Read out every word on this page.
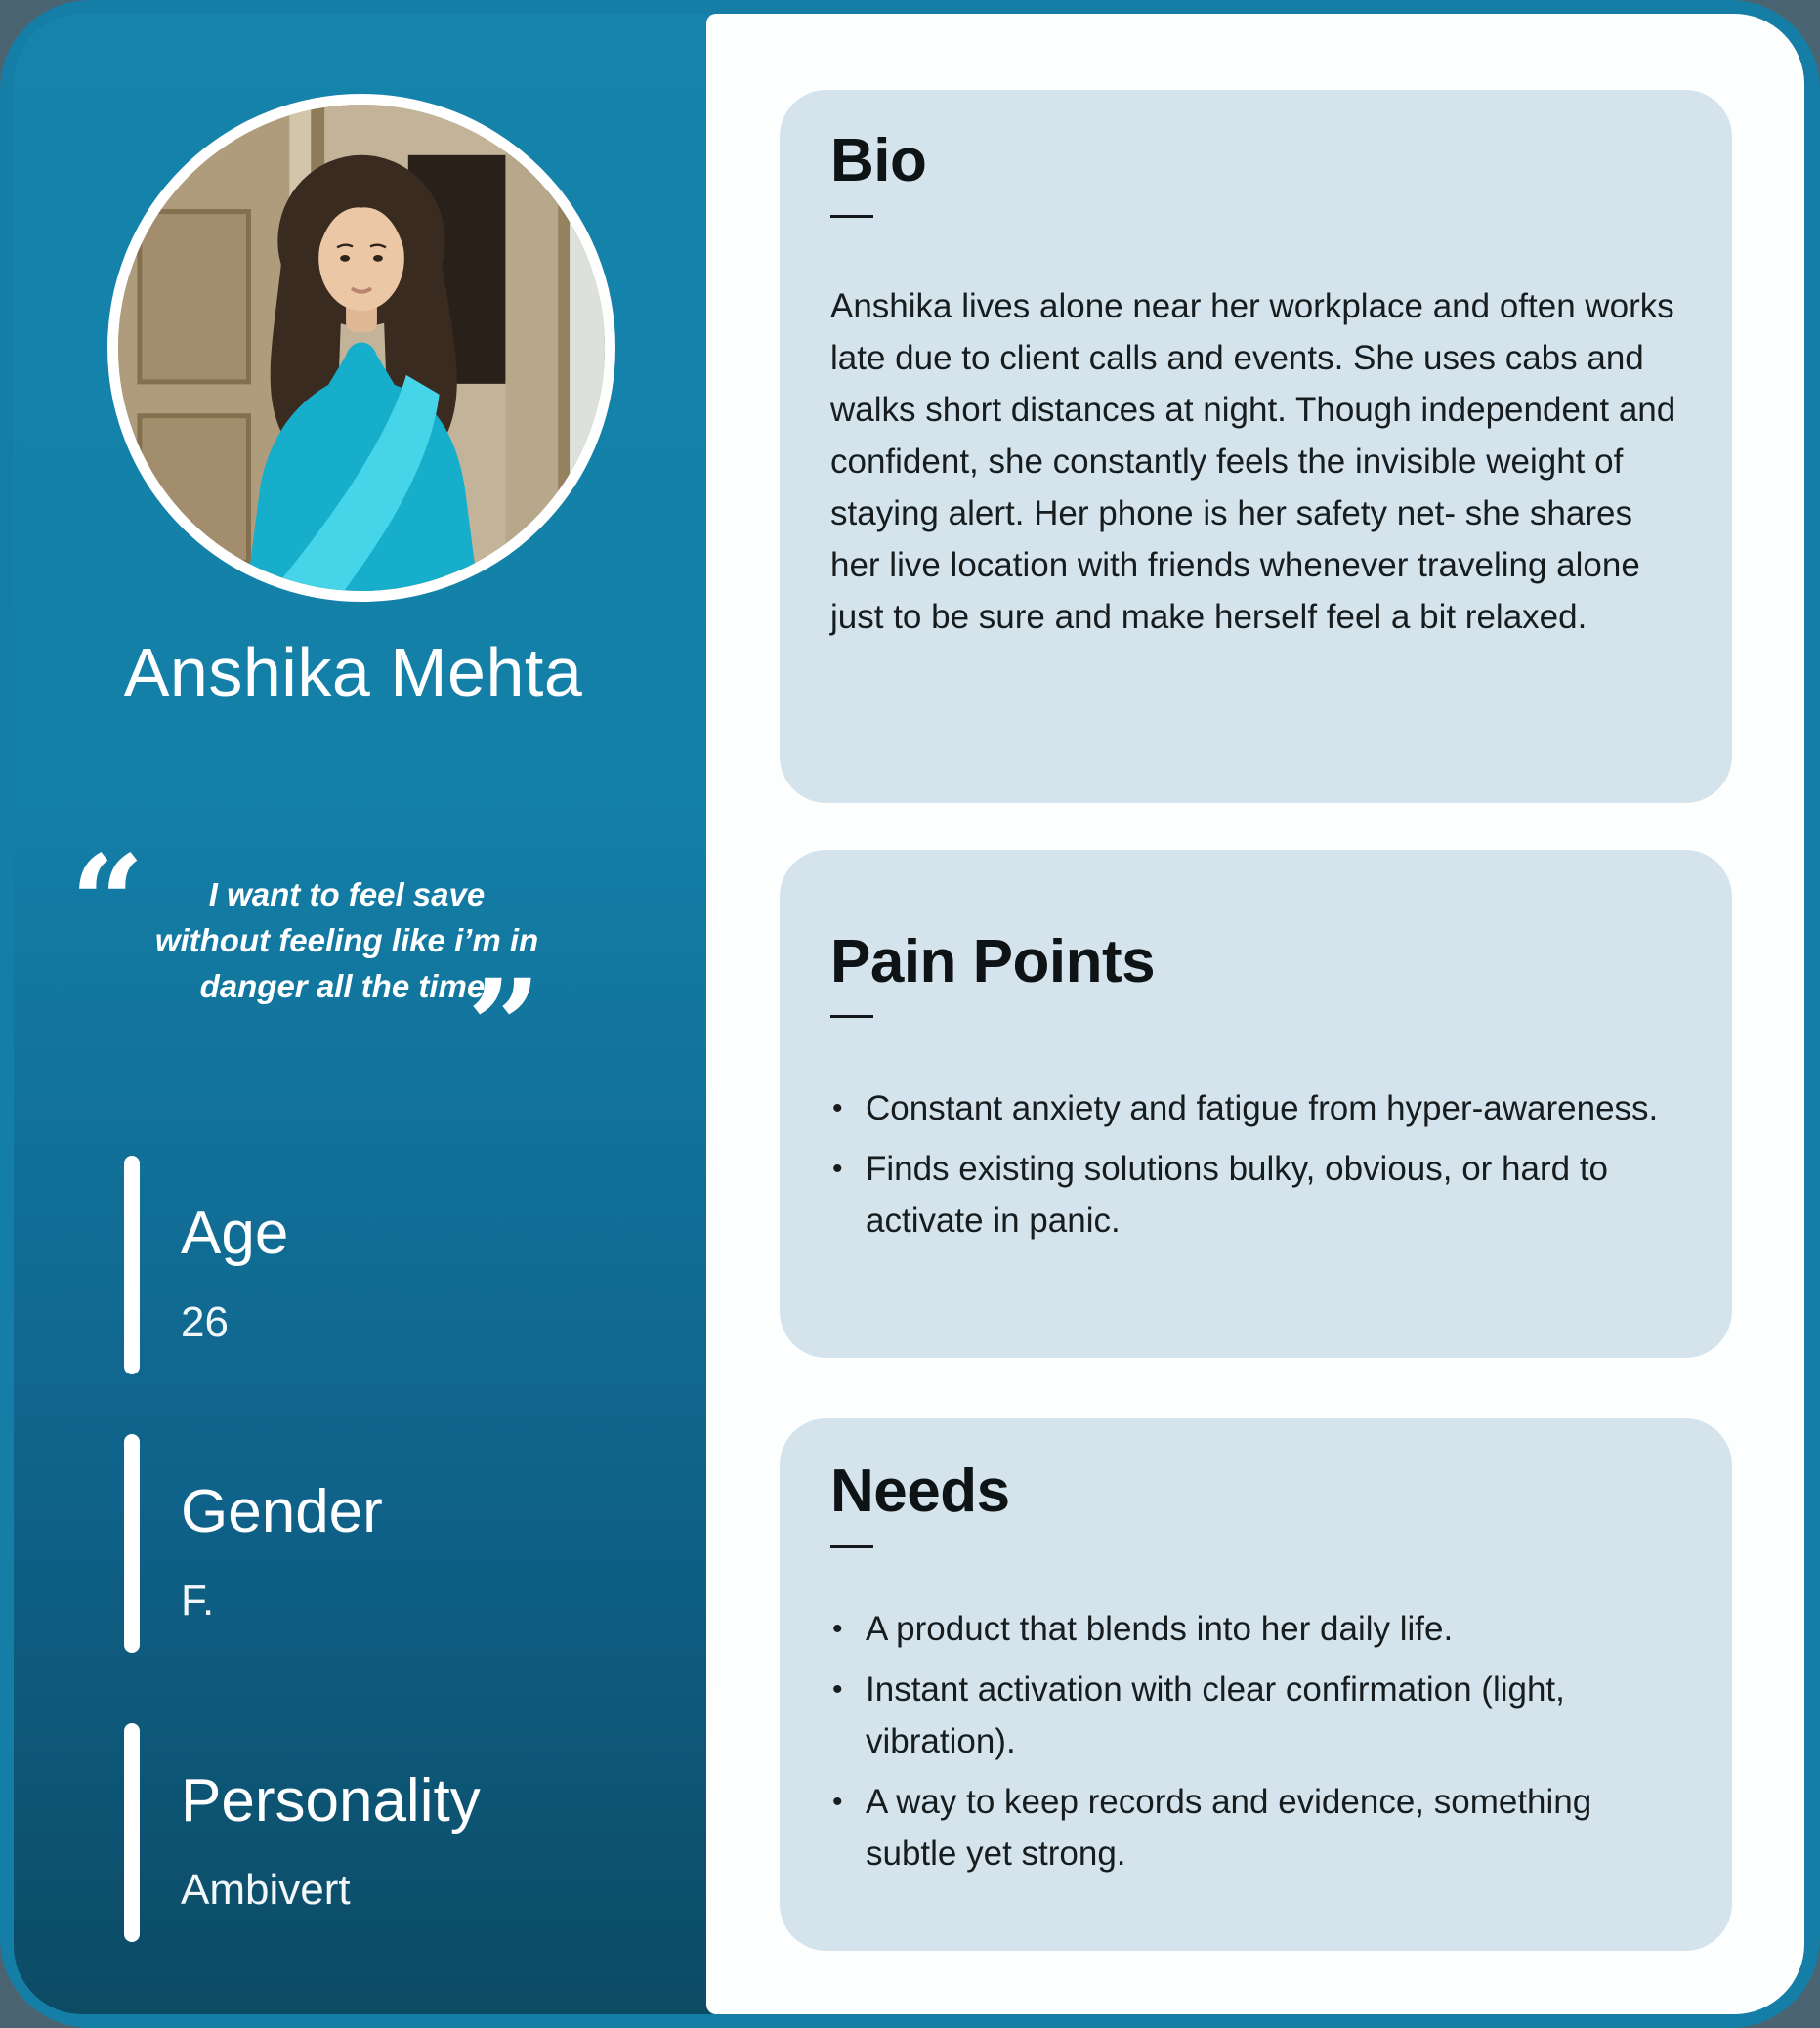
Bio

Anshika lives alone near her workplace and often works late due to client calls and events. She uses cabs and walks short distances at night. Though independent and confident, she constantly feels the invisible weight of staying alert. Her phone is her safety net- she shares her live location with friends whenever traveling alone just to be sure and make herself feel a bit relaxed.

Pain Points
• Constant anxiety and fatigue from hyper-awareness.
• Finds existing solutions bulky, obvious, or hard to activate in panic.
Needs
• A product that blends into her daily life.
• Instant activation with clear confirmation (light, vibration).
• A way to keep records and evidence, something subtle yet strong.
Anshika Mehta
I want to feel save
without feeling like i’m in
danger all the time.
Age
26
Gender
F.
Personality
Ambivert
